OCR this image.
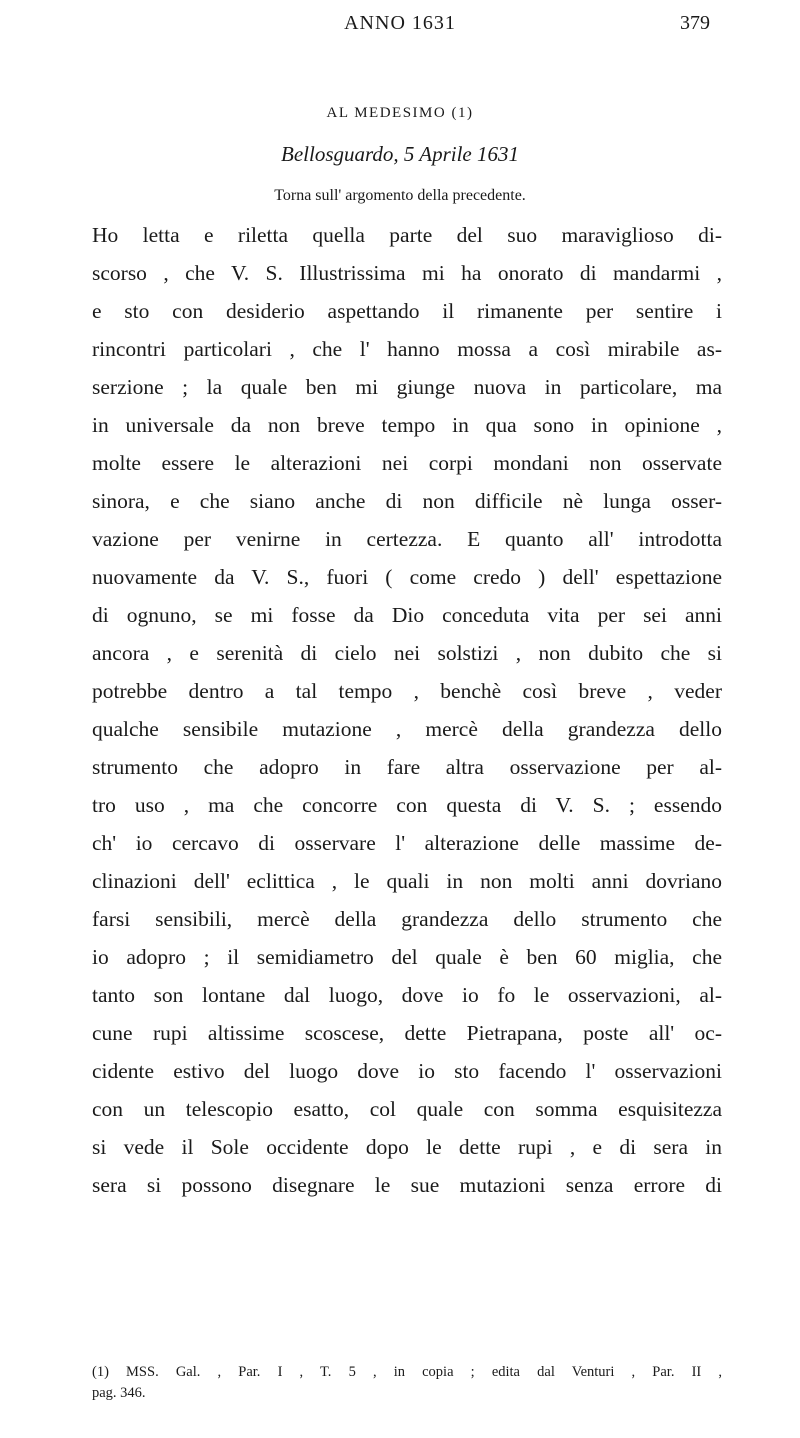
ANNO 1631	379
AL MEDESIMO (1)
Bellosguardo, 5 Aprile 1631
Torna sull' argomento della precedente.
Ho letta e riletta quella parte del suo maraviglioso di-
scorso , che V. S. Illustrissima mi ha onorato di mandarmi ,
e sto con desiderio aspettando il rimanente per sentire i
rincontri particolari , che l' hanno mossa a così mirabile as-
serzione ; la quale ben mi giunge nuova in particolare, ma
in universale da non breve tempo in qua sono in opinione ,
molte essere le alterazioni nei corpi mondani non osservate
sinora, e che siano anche di non difficile nè lunga osser-
vazione per venirne in certezza. E quanto all' introdotta
nuovamente da V. S., fuori ( come credo ) dell' espettazione
di ognuno, se mi fosse da Dio conceduta vita per sei anni
ancora , e serenità di cielo nei solstizi , non dubito che si
potrebbe dentro a tal tempo , benchè così breve , veder
qualche sensibile mutazione , mercè della grandezza dello
strumento che adopro in fare altra osservazione per al-
tro uso , ma che concorre con questa di V. S. ; essendo
ch' io cercavo di osservare l' alterazione delle massime de-
clinazioni dell' eclittica , le quali in non molti anni dovriano
farsi sensibili, mercè della grandezza dello strumento che
io adopro ; il semidiametro del quale è ben 60 miglia, che
tanto son lontane dal luogo, dove io fo le osservazioni, al-
cune rupi altissime scoscese, dette Pietrapana, poste all' oc-
cidente estivo del luogo dove io sto facendo l' osservazioni
con un telescopio esatto, col quale con somma esquisitezza
si vede il Sole occidente dopo le dette rupi , e di sera in
sera si possono disegnare le sue mutazioni senza errore di
(1) MSS. Gal. , Par. I , T. 5 , in copia ; edita dal Venturi , Par. II ,
pag. 346.
